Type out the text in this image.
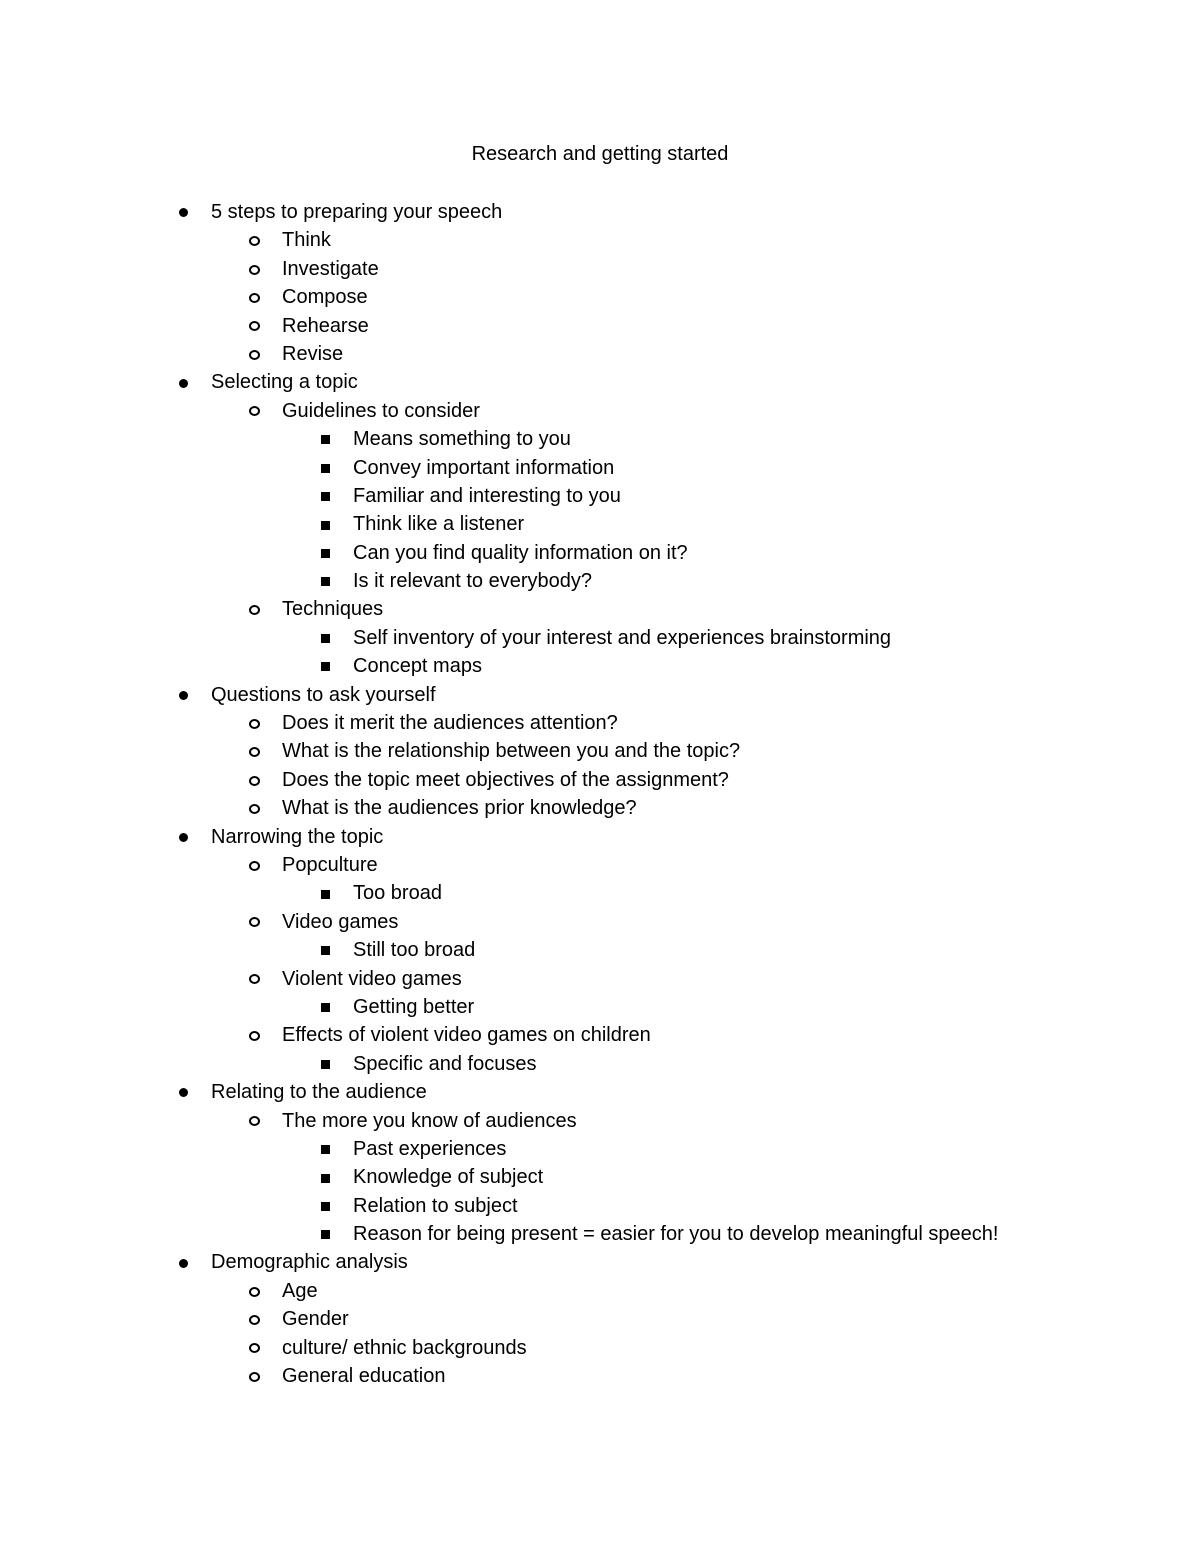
Research and getting started
5 steps to preparing your speech
Think
Investigate
Compose
Rehearse
Revise
Selecting a topic
Guidelines to consider
Means something to you
Convey important information
Familiar and interesting to you
Think like a listener
Can you find quality information on it?
Is it relevant to everybody?
Techniques
Self inventory of your interest and experiences brainstorming
Concept maps
Questions to ask yourself
Does it merit the audiences attention?
What is the relationship between you and the topic?
Does the topic meet objectives of the assignment?
What is the audiences prior knowledge?
Narrowing the topic
Popculture
Too broad
Video games
Still too broad
Violent video games
Getting better
Effects of violent video games on children
Specific and focuses
Relating to the audience
The more you know of audiences
Past experiences
Knowledge of subject
Relation to subject
Reason for being present = easier for you to develop meaningful speech!
Demographic analysis
Age
Gender
culture/ ethnic backgrounds
General education
